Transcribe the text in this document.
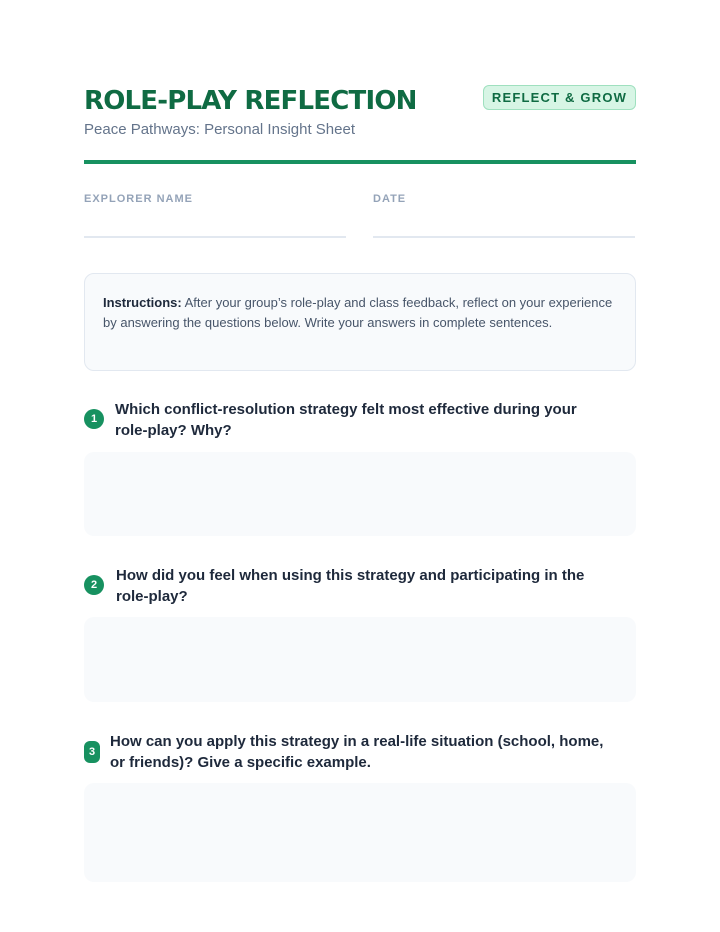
ROLE-PLAY REFLECTION
Peace Pathways: Personal Insight Sheet
REFLECT & GROW
EXPLORER NAME	DATE
Instructions: After your group’s role-play and class feedback, reflect on your experience by answering the questions below. Write your answers in complete sentences.
1
Which conflict-resolution strategy felt most effective during your role-play? Why?
2
How did you feel when using this strategy and participating in the role-play?
3
How can you apply this strategy in a real-life situation (school, home, or friends)? Give a specific example.
